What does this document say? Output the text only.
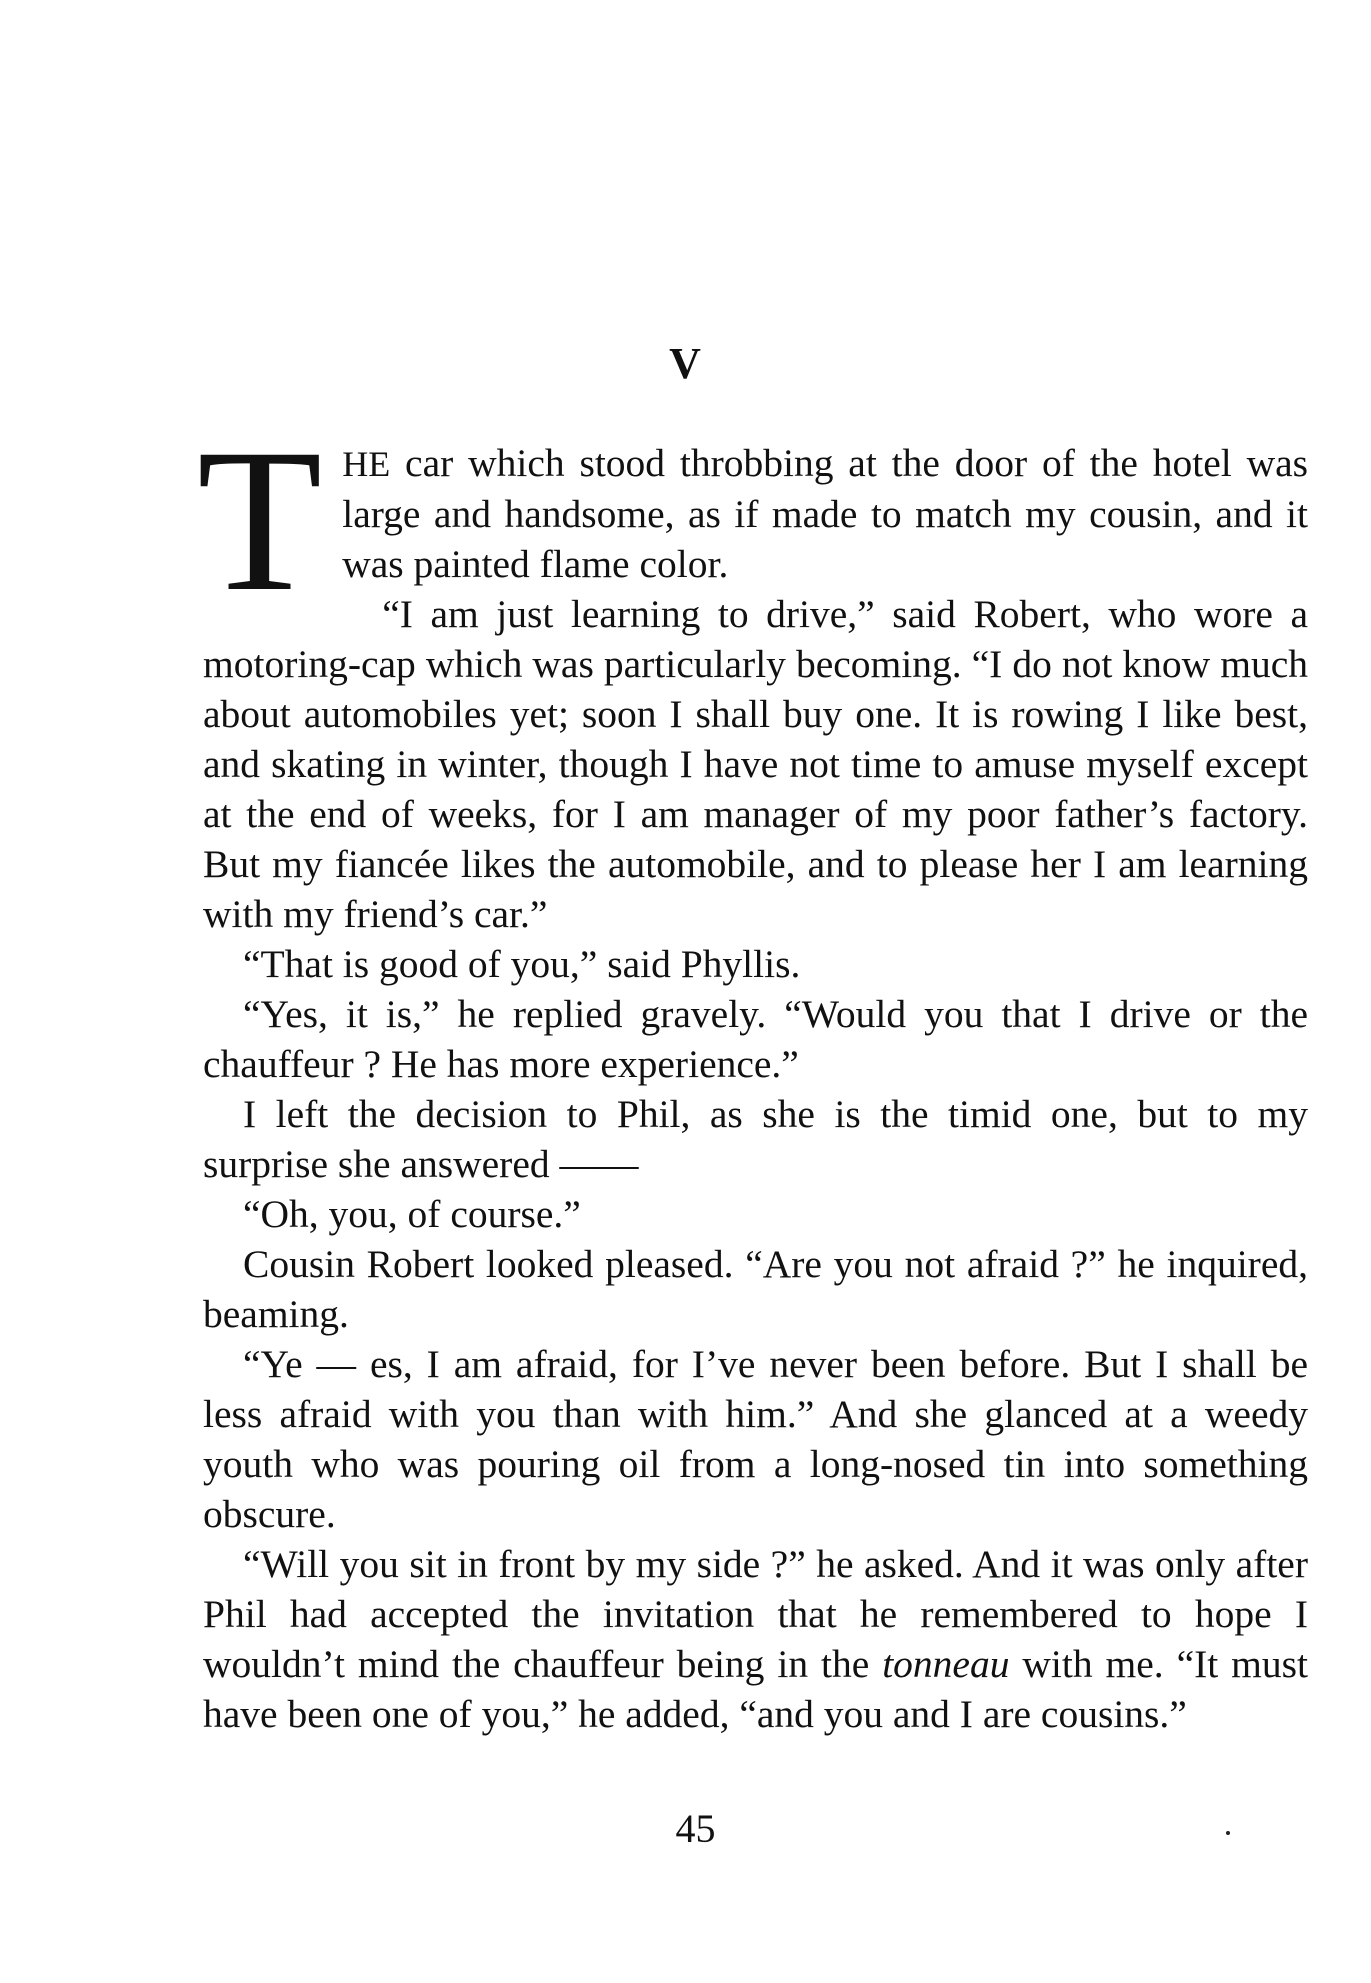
V

THE car which stood throbbing at the door of the hotel was large and handsome, as if made to match my cousin, and it was painted flame color.

“I am just learning to drive,” said Robert, who wore a motoring-cap which was particularly becoming. “I do not know much about automobiles yet; soon I shall buy one. It is rowing I like best, and skating in winter, though I have not time to amuse myself except at the end of weeks, for I am manager of my poor father’s factory. But my fiancée likes the automobile, and to please her I am learning with my friend’s car.”

“That is good of you,” said Phyllis.

“Yes, it is,” he replied gravely. “Would you that I drive or the chauffeur ? He has more experience.”

I left the decision to Phil, as she is the timid one, but to my surprise she answered ——

“Oh, you, of course.”

Cousin Robert looked pleased. “Are you not afraid ?” he inquired, beaming.

“Ye — es, I am afraid, for I’ve never been before. But I shall be less afraid with you than with him.” And she glanced at a weedy youth who was pouring oil from a long-nosed tin into something obscure.

“Will you sit in front by my side ?” he asked. And it was only after Phil had accepted the invitation that he remembered to hope I wouldn’t mind the chauffeur being in the tonneau with me. “It must have been one of you,” he added, “and you and I are cousins.”

45
